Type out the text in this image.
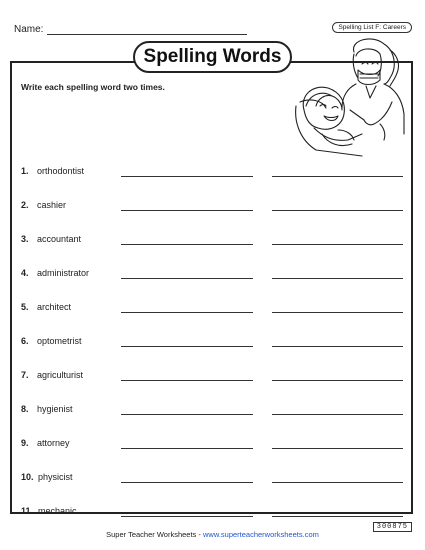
Name:	Spelling List F: Careers
Spelling Words
Write each spelling word two times.
1. orthodontist
2. cashier
3. accountant
4. administrator
5. architect
6. optometrist
7. agriculturist
8. hygienist
9. attorney
10. physicist
11. mechanic
Super Teacher Worksheets - www.superteacherworksheets.com
300875
